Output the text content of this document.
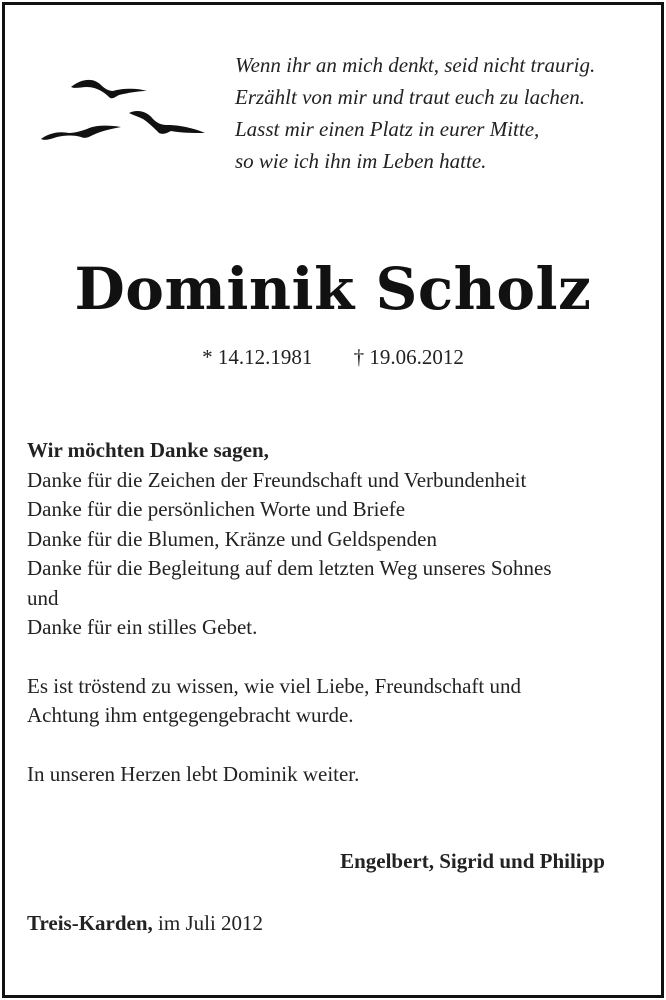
Wenn ihr an mich denkt, seid nicht traurig.
Erzählt von mir und traut euch zu lachen.
Lasst mir einen Platz in eurer Mitte,
so wie ich ihn im Leben hatte.
Dominik Scholz
* 14.12.1981 † 19.06.2012
Wir möchten Danke sagen,
Danke für die Zeichen der Freundschaft und Verbundenheit
Danke für die persönlichen Worte und Briefe
Danke für die Blumen, Kränze und Geldspenden
Danke für die Begleitung auf dem letzten Weg unseres Sohnes
und
Danke für ein stilles Gebet.
Es ist tröstend zu wissen, wie viel Liebe, Freundschaft und
Achtung ihm entgegengebracht wurde.
In unseren Herzen lebt Dominik weiter.
Engelbert, Sigrid und Philipp
Treis-Karden, im Juli 2012
